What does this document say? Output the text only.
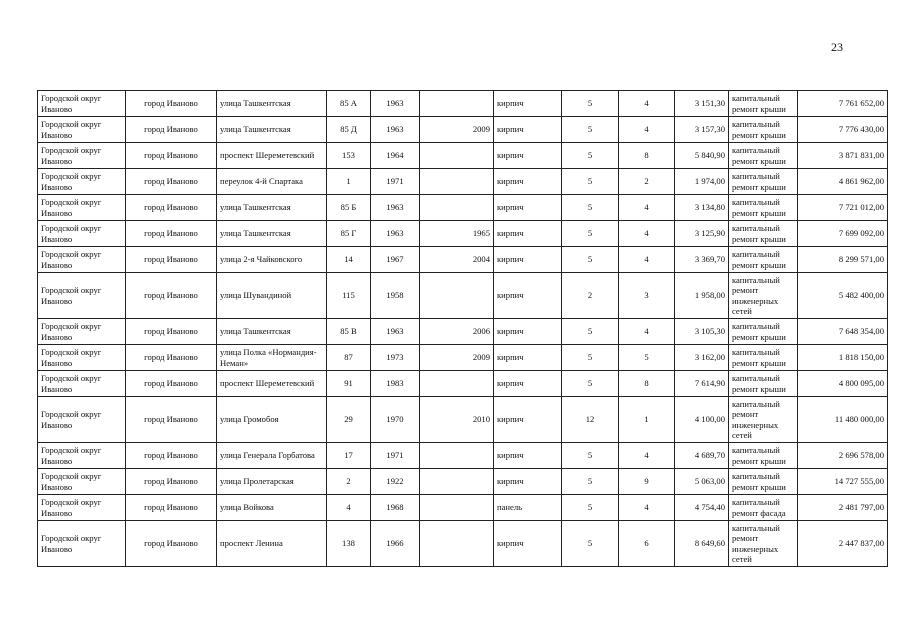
23
Городской округ Иваново	город Иваново	улица Ташкентская	85 А	1963		кирпич	5	4	3 151,30	капитальный ремонт крыши	7 761 652,00
Городской округ Иваново	город Иваново	улица Ташкентская	85 Д	1963	2009	кирпич	5	4	3 157,30	капитальный ремонт крыши	7 776 430,00
Городской округ Иваново	город Иваново	проспект Шереметевский	153	1964		кирпич	5	8	5 840,90	капитальный ремонт крыши	3 871 831,00
Городской округ Иваново	город Иваново	переулок 4-й Спартака	1	1971		кирпич	5	2	1 974,00	капитальный ремонт крыши	4 861 962,00
Городской округ Иваново	город Иваново	улица Ташкентская	85 Б	1963		кирпич	5	4	3 134,80	капитальный ремонт крыши	7 721 012,00
Городской округ Иваново	город Иваново	улица Ташкентская	85 Г	1963	1965	кирпич	5	4	3 125,90	капитальный ремонт крыши	7 699 092,00
Городской округ Иваново	город Иваново	улица 2-я Чайковского	14	1967	2004	кирпич	5	4	3 369,70	капитальный ремонт крыши	8 299 571,00
Городской округ Иваново	город Иваново	улица Шувандиной	115	1958		кирпич	2	3	1 958,00	капитальный ремонт инженерных сетей	5 482 400,00
Городской округ Иваново	город Иваново	улица Ташкентская	85 В	1963	2006	кирпич	5	4	3 105,30	капитальный ремонт крыши	7 648 354,00
Городской округ Иваново	город Иваново	улица Полка «Нормандия-Неман»	87	1973	2009	кирпич	5	5	3 162,00	капитальный ремонт крыши	1 818 150,00
Городской округ Иваново	город Иваново	проспект Шереметевский	91	1983		кирпич	5	8	7 614,90	капитальный ремонт крыши	4 800 095,00
Городской округ Иваново	город Иваново	улица Громобоя	29	1970	2010	кирпич	12	1	4 100,00	капитальный ремонт инженерных сетей	11 480 000,00
Городской округ Иваново	город Иваново	улица Генерала Горбатова	17	1971		кирпич	5	4	4 689,70	капитальный ремонт крыши	2 696 578,00
Городской округ Иваново	город Иваново	улица Пролетарская	2	1922		кирпич	5	9	5 063,00	капитальный ремонт крыши	14 727 555,00
Городской округ Иваново	город Иваново	улица Войкова	4	1968		панель	5	4	4 754,40	капитальный ремонт фасада	2 481 797,00
Городской округ Иваново	город Иваново	проспект Ленина	138	1966		кирпич	5	6	8 649,60	капитальный ремонт инженерных сетей	2 447 837,00
